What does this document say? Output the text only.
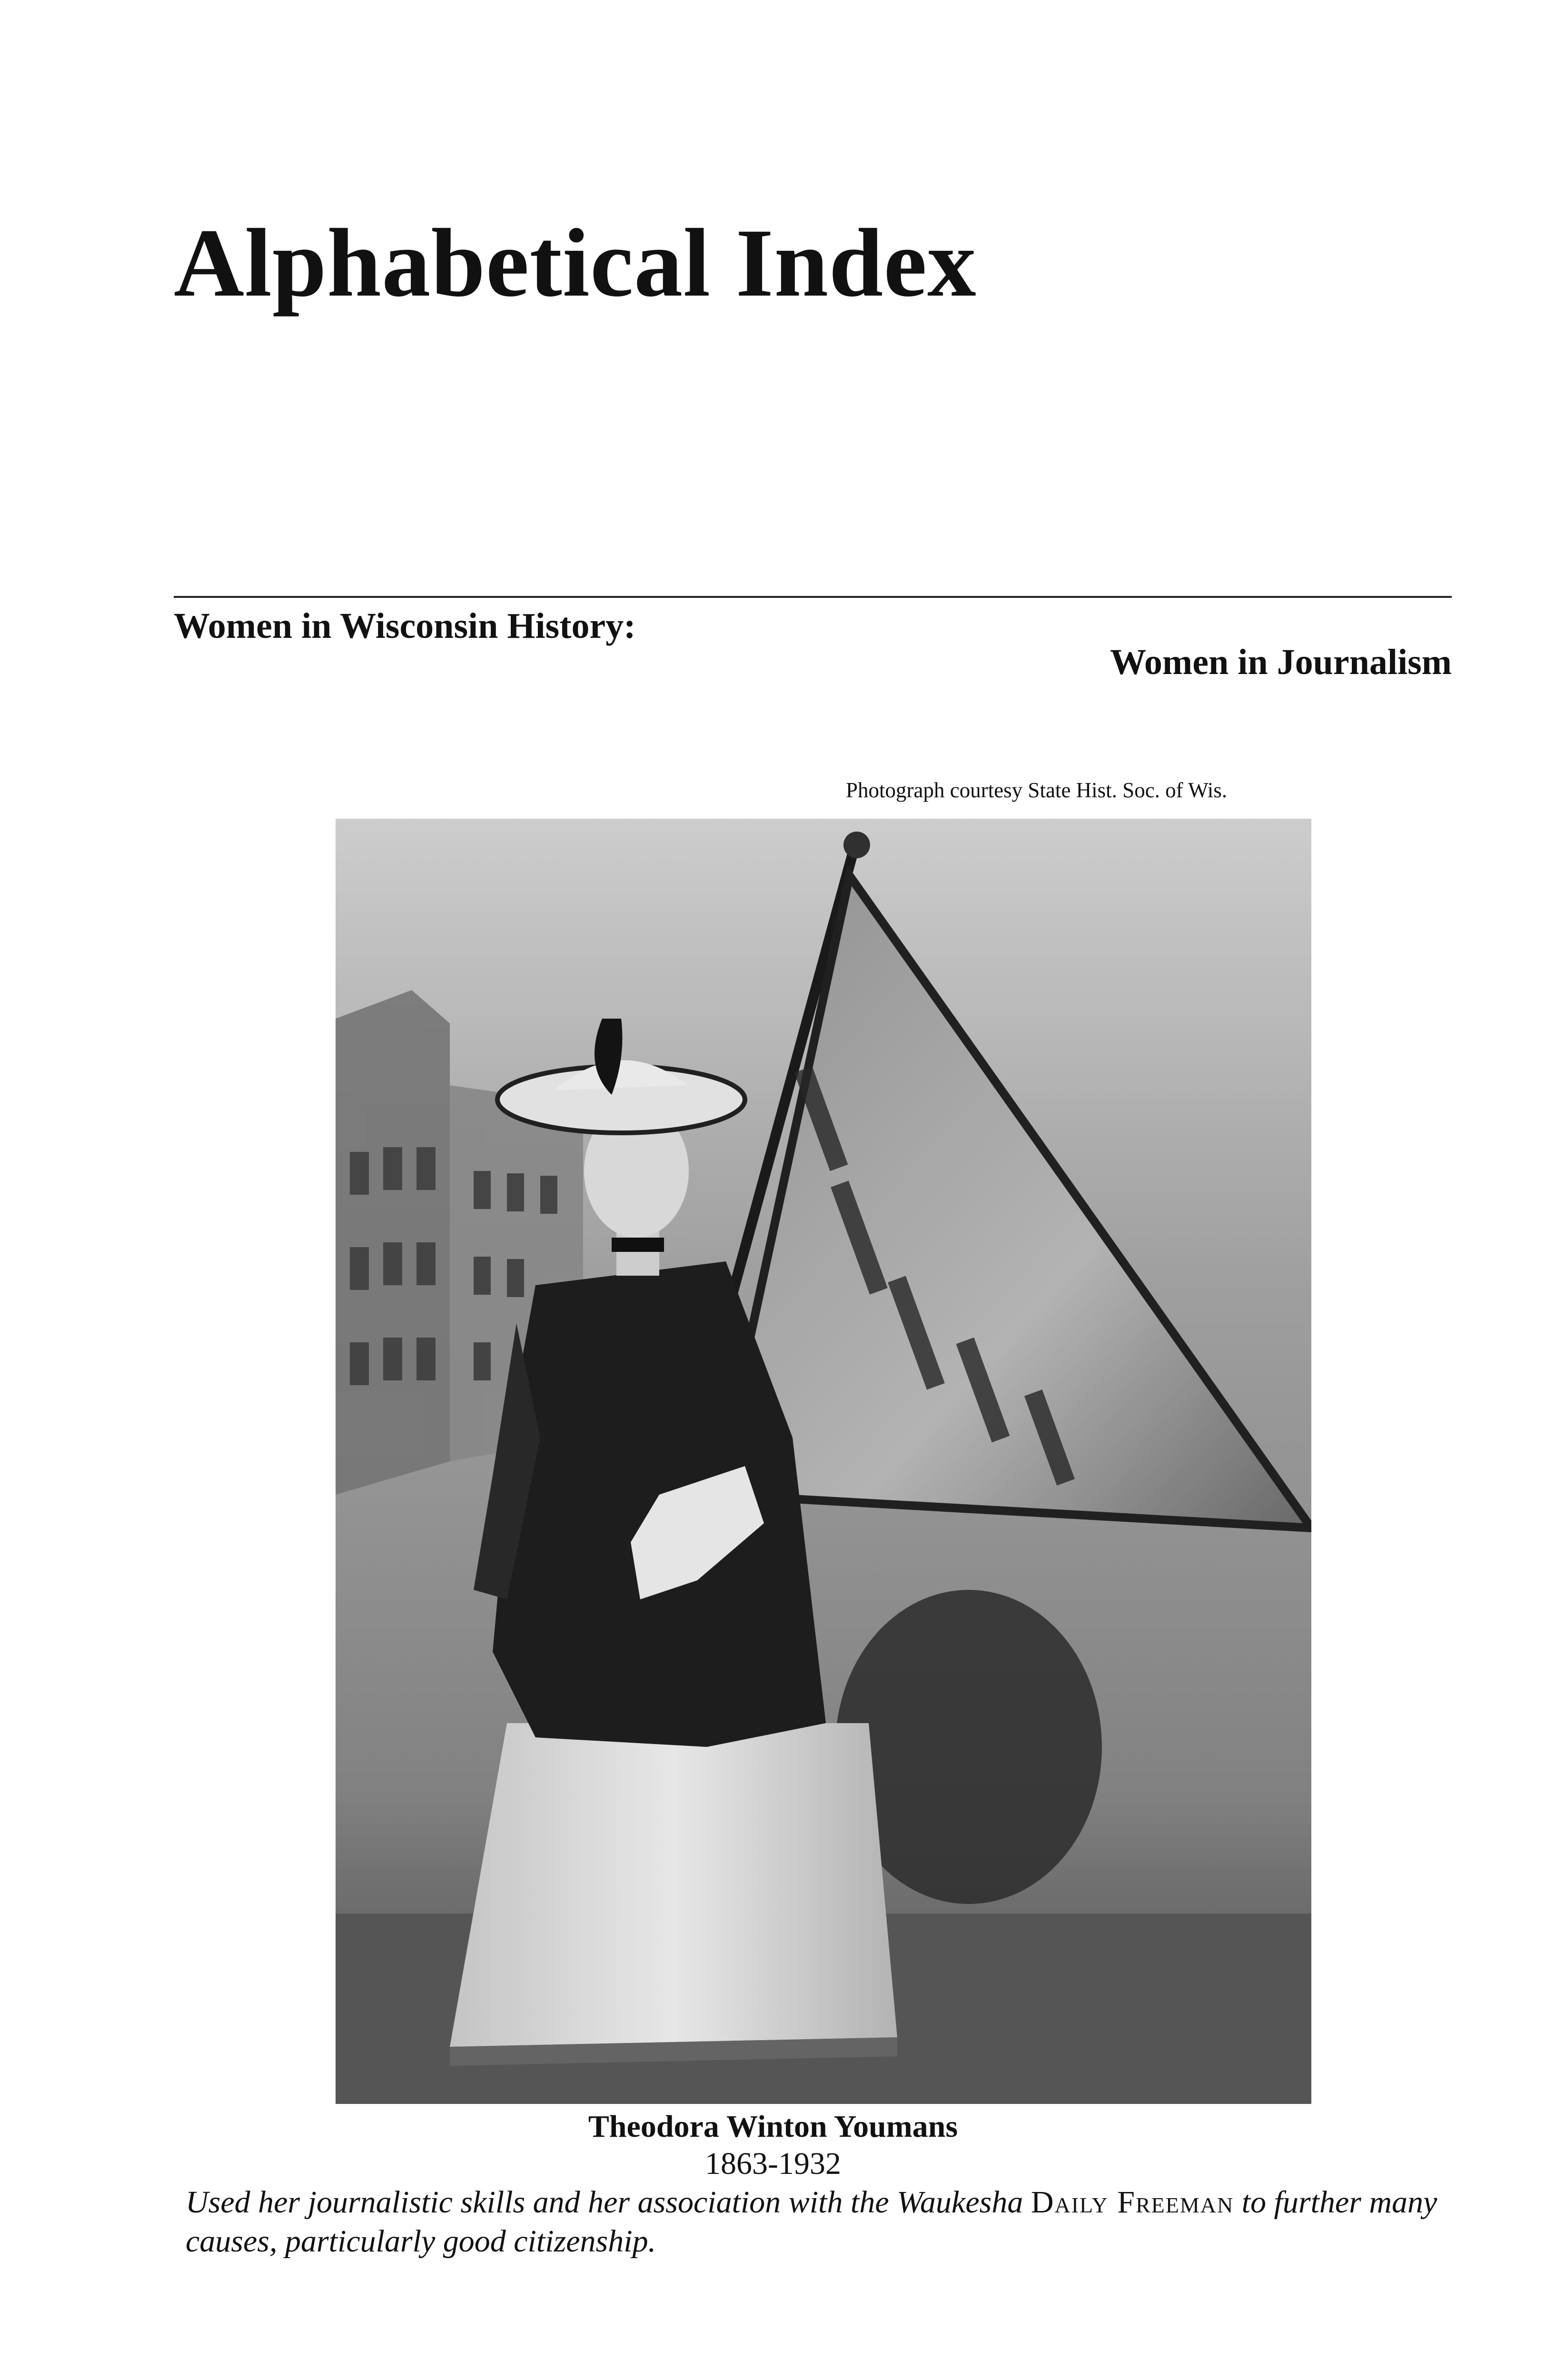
Alphabetical Index
Women in Wisconsin History:
Women in Journalism
Photograph courtesy State Hist. Soc. of Wis.
Theodora Winton Youmans
1863-1932
Used her journalistic skills and her association with the Waukesha Daily Freeman to further many causes, particularly good citizenship.
